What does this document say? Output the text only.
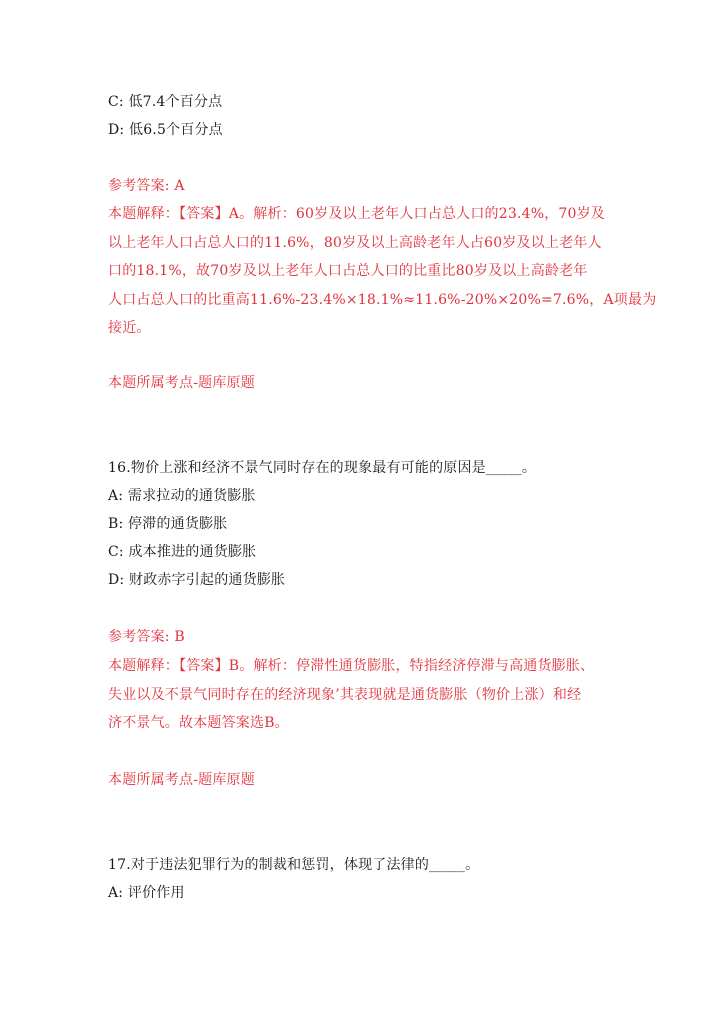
C: 低7.4个百分点
D: 低6.5个百分点
参考答案: A
本题解释：【答案】A。解析：60岁及以上老年人口占总人口的23.4%，70岁及
以上老年人口占总人口的11.6%，80岁及以上高龄老年人占60岁及以上老年人
口的18.1%，故70岁及以上老年人口占总人口的比重比80岁及以上高龄老年
人口占总人口的比重高11.6%-23.4%×18.1%≈11.6%-20%×20%=7.6%，A项最为
接近。
本题所属考点-题库原题
16.物价上涨和经济不景气同时存在的现象最有可能的原因是_____。
A: 需求拉动的通货膨胀
B: 停滞的通货膨胀
C: 成本推进的通货膨胀
D: 财政赤字引起的通货膨胀
参考答案: B
本题解释：【答案】B。解析：停滞性通货膨胀，特指经济停滞与高通货膨胀、
失业以及不景气同时存在的经济现象’其表现就是通货膨胀（物价上涨）和经
济不景气。故本题答案选B。
本题所属考点-题库原题
17.对于违法犯罪行为的制裁和惩罚，体现了法律的_____。
A: 评价作用
